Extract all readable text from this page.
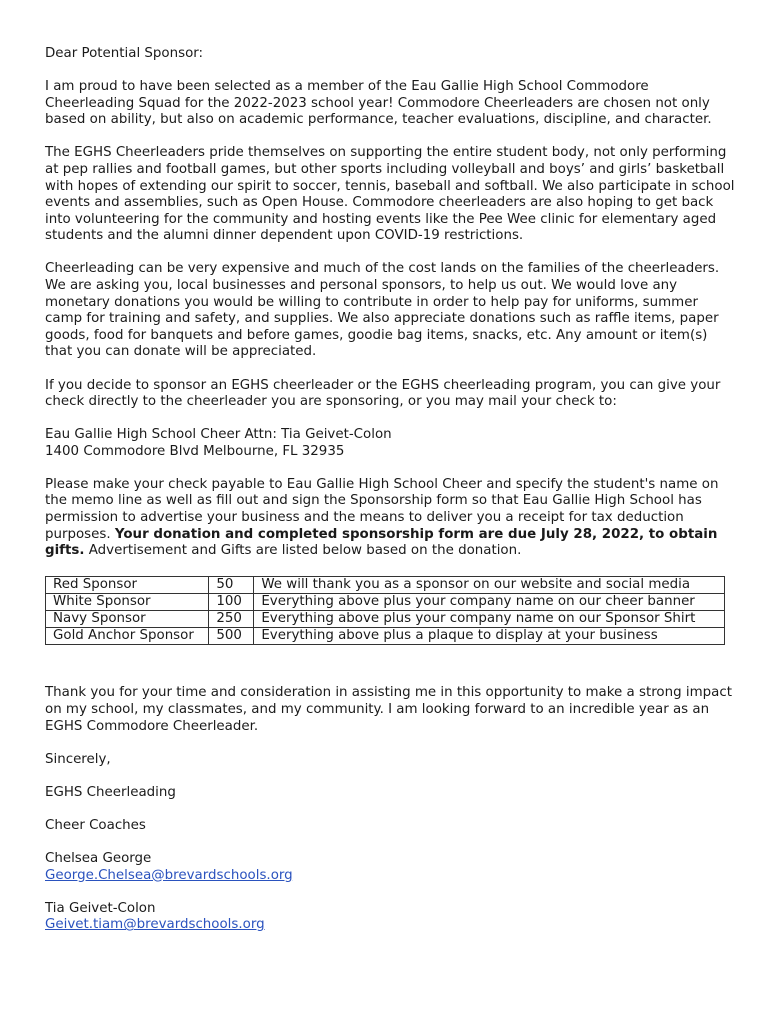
Dear Potential Sponsor:

I am proud to have been selected as a member of the Eau Gallie High School Commodore Cheerleading Squad for the 2022-2023 school year! Commodore Cheerleaders are chosen not only based on ability, but also on academic performance, teacher evaluations, discipline, and character.

The EGHS Cheerleaders pride themselves on supporting the entire student body, not only performing at pep rallies and football games, but other sports including volleyball and boys’ and girls’ basketball with hopes of extending our spirit to soccer, tennis, baseball and softball. We also participate in school events and assemblies, such as Open House. Commodore cheerleaders are also hoping to get back into volunteering for the community and hosting events like the Pee Wee clinic for elementary aged students and the alumni dinner dependent upon COVID-19 restrictions.

Cheerleading can be very expensive and much of the cost lands on the families of the cheerleaders. We are asking you, local businesses and personal sponsors, to help us out. We would love any monetary donations you would be willing to contribute in order to help pay for uniforms, summer camp for training and safety, and supplies. We also appreciate donations such as raffle items, paper goods, food for banquets and before games, goodie bag items, snacks, etc. Any amount or item(s) that you can donate will be appreciated.

If you decide to sponsor an EGHS cheerleader or the EGHS cheerleading program, you can give your check directly to the cheerleader you are sponsoring, or you may mail your check to:

Eau Gallie High School Cheer Attn: Tia Geivet-Colon
1400 Commodore Blvd Melbourne, FL 32935

Please make your check payable to Eau Gallie High School Cheer and specify the student's name on the memo line as well as fill out and sign the Sponsorship form so that Eau Gallie High School has permission to advertise your business and the means to deliver you a receipt for tax deduction purposes. Your donation and completed sponsorship form are due July 28, 2022, to obtain gifts. Advertisement and Gifts are listed below based on the donation.

Red Sponsor	50	We will thank you as a sponsor on our website and social media
White Sponsor	100	Everything above plus your company name on our cheer banner
Navy Sponsor	250	Everything above plus your company name on our Sponsor Shirt
Gold Anchor Sponsor	500	Everything above plus a plaque to display at your business

Thank you for your time and consideration in assisting me in this opportunity to make a strong impact on my school, my classmates, and my community. I am looking forward to an incredible year as an EGHS Commodore Cheerleader.

Sincerely,

EGHS Cheerleading

Cheer Coaches

Chelsea George
George.Chelsea@brevardschools.org

Tia Geivet-Colon
Geivet.tiam@brevardschools.org
